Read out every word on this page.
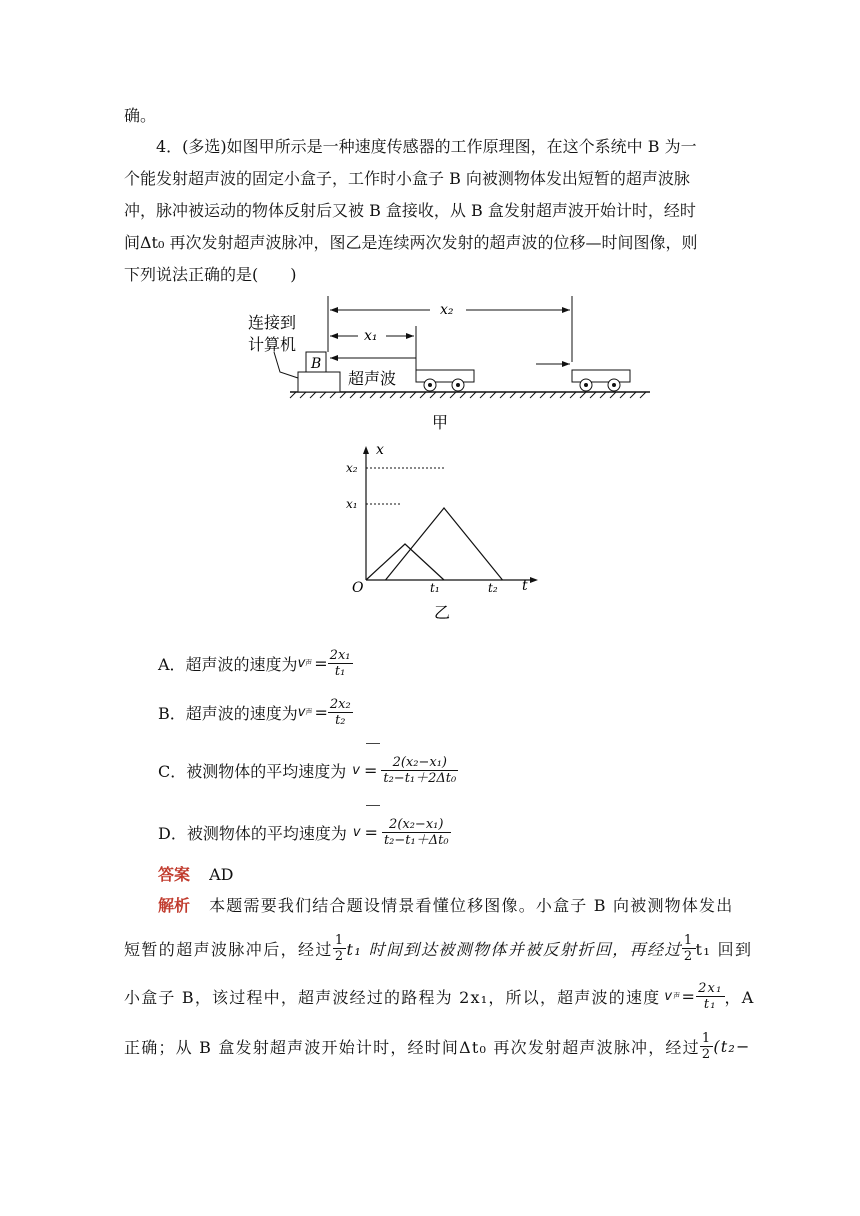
确。
4．(多选)如图甲所示是一种速度传感器的工作原理图，在这个系统中 B 为一
个能发射超声波的固定小盒子，工作时小盒子 B 向被测物体发出短暂的超声波脉
冲，脉冲被运动的物体反射后又被 B 盒接收，从 B 盒发射超声波开始计时，经时
间Δt₀ 再次发射超声波脉冲，图乙是连续两次发射的超声波的位移—时间图像，则
下列说法正确的是(　　)
B
连接到
计算机
x₂
x₁
超声波
甲
x
t
O
x₂
x₁
t₁	t₂
乙
A．超声波的速度为 v 声 = $\frac{\text{2x₁}}{\text{t₁}}$
B．超声波的速度为 v 声 = $\frac{\text{2x₂}}{\text{t₂}}$
C．被测物体的平均速度为 $v = \frac{\text{2(x₂−x₁)}}{\text{t₂−t₁＋2Δt₀}}$
D．被测物体的平均速度为 $v = \frac{\text{2(x₂−x₁)}}{\text{t₂−t₁＋Δt₀}}$
答案 AD
解析 本题需要我们结合题设情景看懂位移图像。小盒子 B 向被测物体发出
短暂的超声波脉冲后，经过 $\frac{1}{2} t_1$ 时间到达被测物体并被反射折回，再经过 $\frac{1}{2} t_1$ 回到
小盒子 B，该过程中，超声波经过的路程为 2x₁，所以，超声波的速度 v 声 = $\frac{\text{2x₁}}{\text{t₁}}$ ，A
正确；从 B 盒发射超声波开始计时，经时间Δt₀ 再次发射超声波脉冲，经过 $\frac{1}{2} (t_2-$
